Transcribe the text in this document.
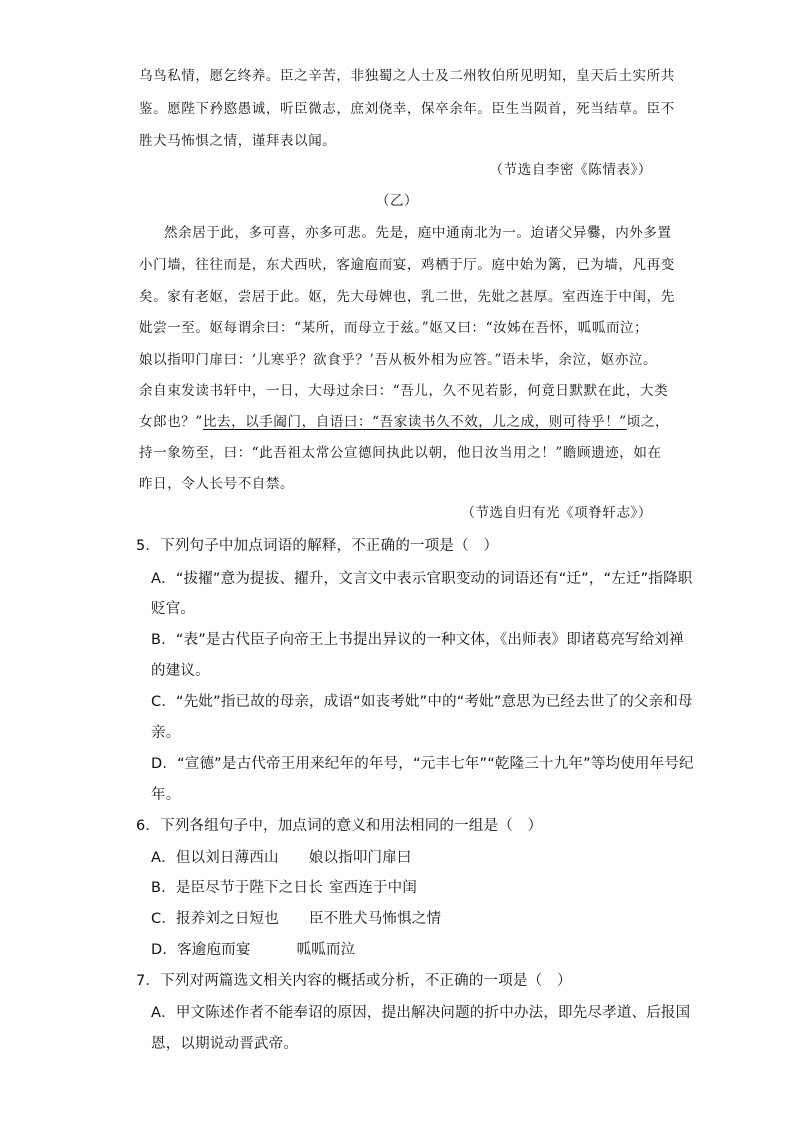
乌鸟私情，愿乞终养。臣之辛苦，非独蜀之人士及二州牧伯所见明知，皇天后土实所共
鉴。愿陛下矜愍愚诚，听臣微志，庶刘侥幸，保卒余年。臣生当陨首，死当结草。臣不
胜犬马怖惧之情，谨拜表以闻。
（节选自李密《陈情表》）
（乙）
然余居于此，多可喜，亦多可悲。先是，庭中通南北为一。迨诸父异爨，内外多置
小门墙，往往而是，东犬西吠，客逾庖而宴，鸡栖于厅。庭中始为篱，已为墙，凡再变
矣。家有老妪，尝居于此。妪，先大母婢也，乳二世，先妣之甚厚。室西连于中闺，先
妣尝一至。妪每谓余曰：“某所，而母立于兹。”妪又曰：“汝姊在吾怀，呱呱而泣；
娘以指叩门扉曰：‘儿寒乎？欲食乎？’吾从板外相为应答。”语未毕，余泣，妪亦泣。
余自束发读书轩中，一日，大母过余曰：“吾儿，久不见若影，何竟日默默在此，大类
女郎也？”比去，以手阖门，自语曰：“吾家读书久不效，儿之成，则可待乎！”顷之，
持一象笏至，曰：“此吾祖太常公宣德间执此以朝，他日汝当用之！”瞻顾遗迹，如在
昨日，令人长号不自禁。
（节选自归有光《项脊轩志》）
5．下列句子中加点词语的解释，不正确的一项是（　）
A．“拔擢”意为提拔、擢升，文言文中表示官职变动的词语还有“迁”，“左迁”指降职
贬官。
B．“表”是古代臣子向帝王上书提出异议的一种文体，《出师表》即诸葛亮写给刘禅
的建议。
C．“先妣”指已故的母亲，成语“如丧考妣”中的“考妣”意思为已经去世了的父亲和母
亲。
D．“宣德”是古代帝王用来纪年的年号，“元丰七年”“乾隆三十九年”等均使用年号纪
年。
6．下列各组句子中，加点词的意义和用法相同的一组是（　）
A．但以刘日薄西山 娘以指叩门扉曰
B．是臣尽节于陛下之日长 室西连于中闺
C．报养刘之日短也 臣不胜犬马怖惧之情
D．客逾庖而宴	呱呱而泣
7．下列对两篇选文相关内容的概括或分析，不正确的一项是（　）
A．甲文陈述作者不能奉诏的原因，提出解决问题的折中办法，即先尽孝道、后报国
恩，以期说动晋武帝。
